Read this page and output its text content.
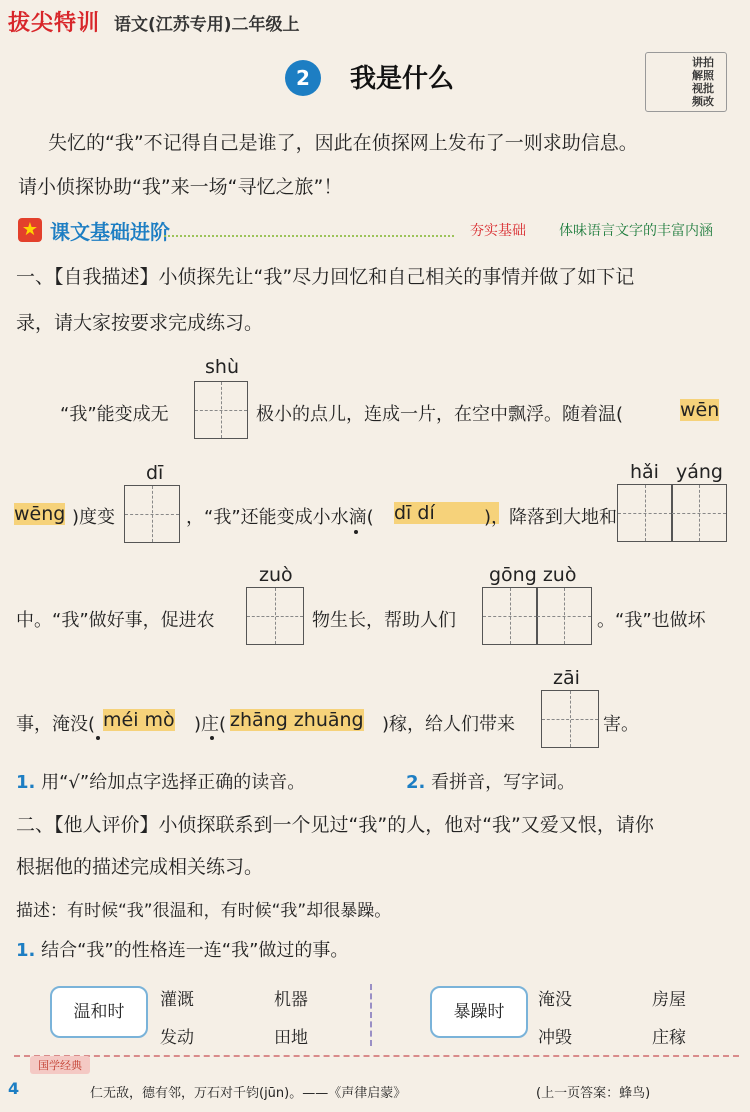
拔尖特训 语文(江苏专用)二年级上
2	我是什么
讲拍解照视批频改
失忆的“我”不记得自己是谁了，因此在侦探网上发布了一则求助信息。
请小侦探协助“我”来一场“寻忆之旅”！
★ 课文基础进阶	夯实基础 体味语言文字的丰富内涵
一、【自我描述】小侦探先让“我”尽力回忆和自己相关的事情并做了如下记
录，请大家按要求完成练习。
shù
“我”能变成无	极小的点儿，连成一片，在空中飘浮。随着温(	wēn
dī	hǎi yáng
wēng )度变	，“我”还能变成小水滴( dī dí	)，降落到大地和
zuò	gōng zuò
中。“我”做好事，促进农	物生长，帮助人们	。“我”也做坏
zāi
事，淹没( méi mò )庄( zhāng zhuāng )稼，给人们带来	害。
1. 用“√”给加点字选择正确的读音。	2. 看拼音，写字词。
二、【他人评价】小侦探联系到一个见过“我”的人，他对“我”又爱又恨，请你
根据他的描述完成相关练习。
描述：有时候“我”很温和，有时候“我”却很暴躁。
1. 结合“我”的性格连一连“我”做过的事。
温和时
灌溉	机器
发动	田地
暴躁时
淹没	房屋
冲毁	庄稼
国学经典
4	仁无敌，德有邻，万石对千钧(jūn)。——《声律启蒙》	(上一页答案：蜂鸟)
